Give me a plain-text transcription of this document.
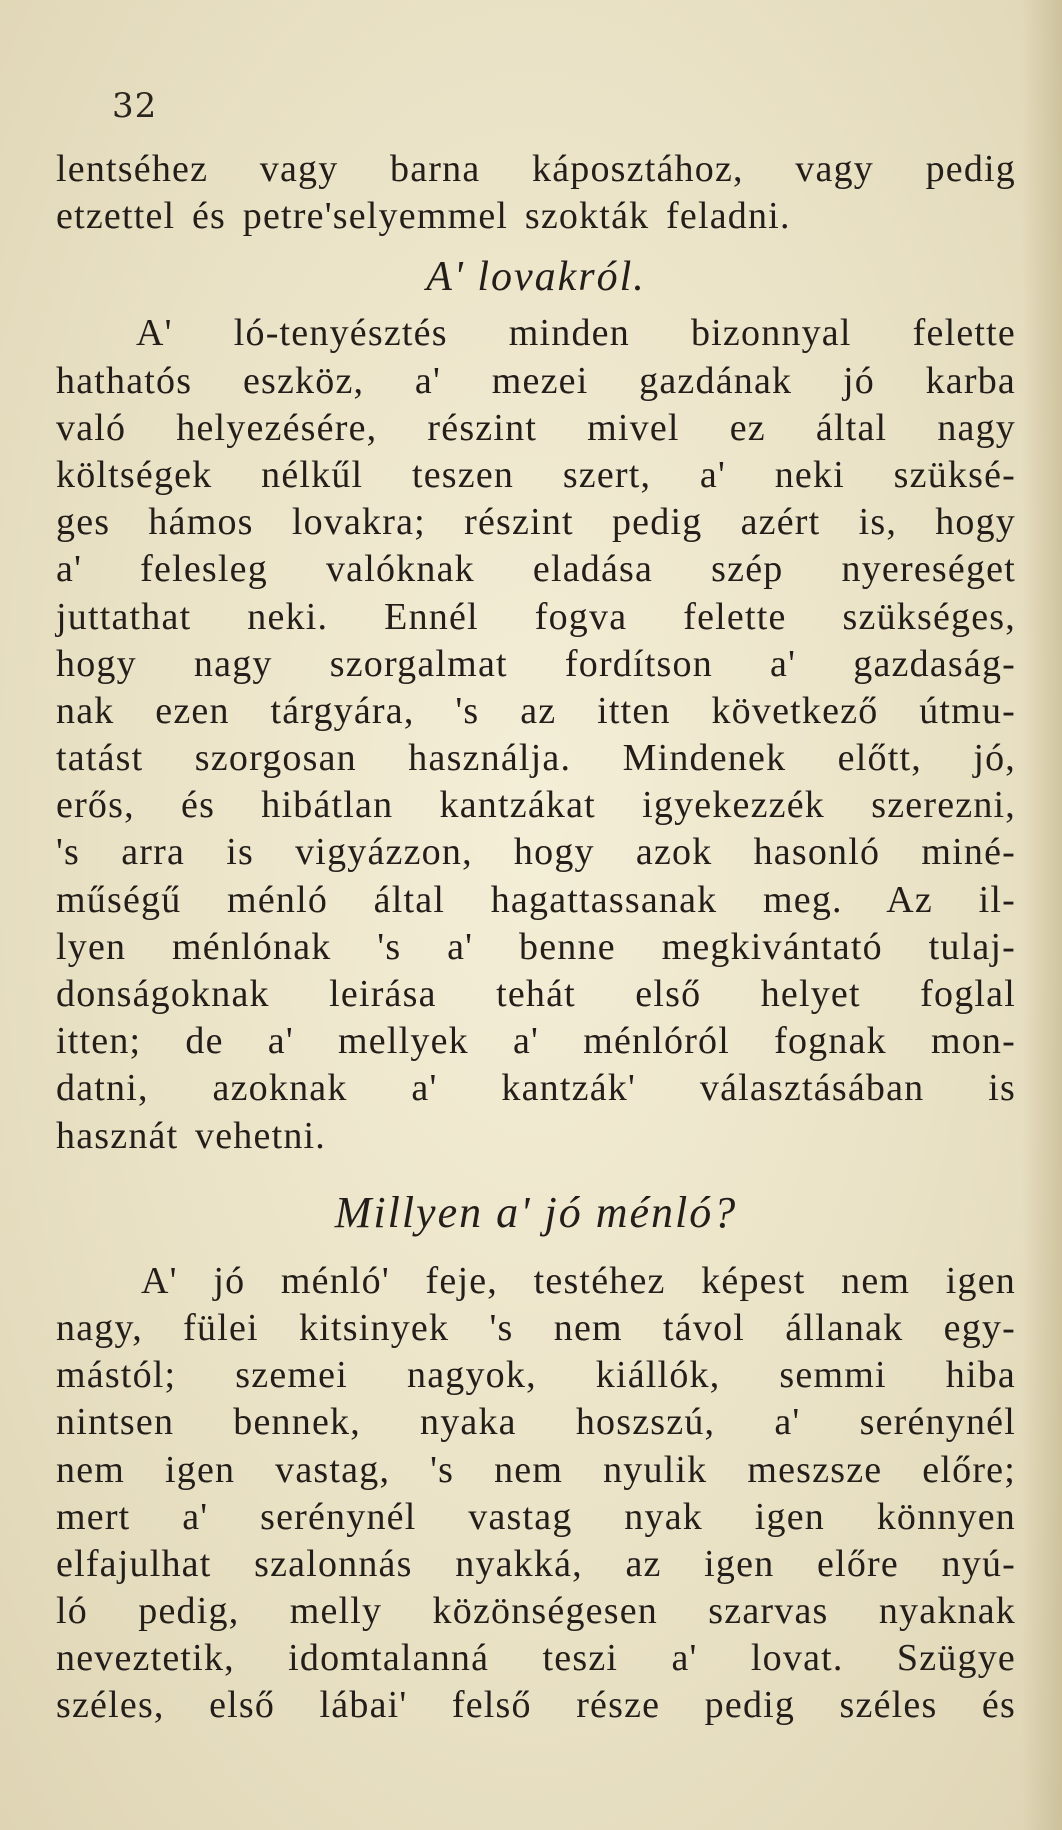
32
lentséhez vagy barna káposztához, vagy pedig
etzettel és petre'selyemmel szokták feladni.
A' lovakról.
A' ló-tenyésztés minden bizonnyal felette
hathatós eszköz, a' mezei gazdának jó karba
való helyezésére, részint mivel ez által nagy
költségek nélkűl teszen szert, a' neki szüksé-
ges hámos lovakra; részint pedig azért is, hogy
a' felesleg valóknak eladása szép nyereséget
juttathat neki. Ennél fogva felette szükséges,
hogy nagy szorgalmat fordítson a' gazdaság-
nak ezen tárgyára, 's az itten következő útmu-
tatást szorgosan használja. Mindenek előtt, jó,
erős, és hibátlan kantzákat igyekezzék szerezni,
's arra is vigyázzon, hogy azok hasonló miné-
műségű ménló által hagattassanak meg. Az il-
lyen ménlónak 's a' benne megkivántató tulaj-
donságoknak leirása tehát első helyet foglal
itten; de a' mellyek a' ménlóról fognak mon-
datni, azoknak a' kantzák' választásában is
hasznát vehetni.
Millyen a' jó ménló?
A' jó ménló' feje, testéhez képest nem igen
nagy, fülei kitsinyek 's nem távol állanak egy-
mástól; szemei nagyok, kiállók, semmi hiba
nintsen bennek, nyaka hoszszú, a' serénynél
nem igen vastag, 's nem nyulik meszsze előre;
mert a' serénynél vastag nyak igen könnyen
elfajulhat szalonnás nyakká, az igen előre nyú-
ló pedig, melly közönségesen szarvas nyaknak
neveztetik, idomtalanná teszi a' lovat. Szügye
széles, első lábai' felső része pedig széles és
